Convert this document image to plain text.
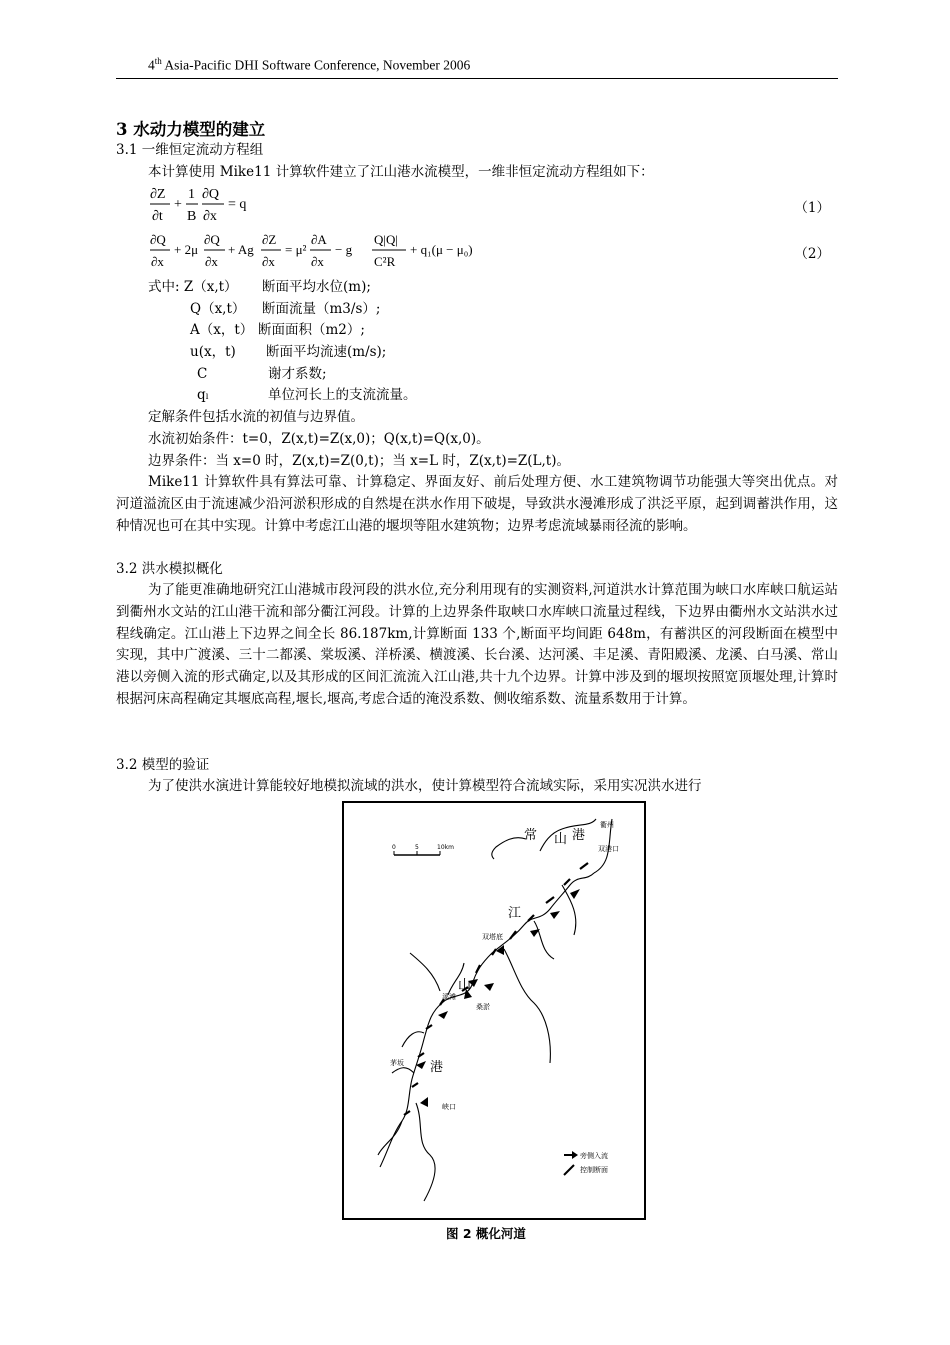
4th Asia-Pacific DHI Software Conference, November 2006
3 水动力模型的建立
3.1 一维恒定流动方程组
本计算使用 Mike11 计算软件建立了江山港水流模型，一维非恒定流动方程组如下：
∂Z
∂t
+
1
B
∂Q
∂x
= q	（1）
∂Q
∂x
+ 2μ
∂Q
∂x
+ Ag
∂Z
∂x
= μ²
∂A
∂x
− g
Q|Q|
C²R
+ q₁(μ − μ₀)	（2）
式中: Z（x,t） 断面平均水位(m);
Q（x,t） 断面流量（m3/s）;
A（x，t） 断面面积（m2）;
u(x，t) 断面平均流速(m/s);
C	谢才系数;
qₗ	单位河长上的支流流量。
定解条件包括水流的初值与边界值。
水流初始条件：t=0，Z(x,t)=Z(x,0)；Q(x,t)=Q(x,0)。
边界条件：当 x=0 时，Z(x,t)=Z(0,t)；当 x=L 时，Z(x,t)=Z(L,t)。
Mike11 计算软件具有算法可靠、计算稳定、界面友好、前后处理方便、水工建筑物调节功能强大等突出优点。对河道溢流区由于流速减少沿河淤积形成的自然堤在洪水作用下破堤，导致洪水漫滩形成了洪泛平原，起到调蓄洪作用，这种情况也可在其中实现。计算中考虑江山港的堰坝等阻水建筑物；边界考虑流域暴雨径流的影响。
3.2 洪水模拟概化
为了能更准确地研究江山港城市段河段的洪水位,充分利用现有的实测资料,河道洪水计算范围为峡口水库峡口航运站到衢州水文站的江山港干流和部分衢江河段。计算的上边界条件取峡口水库峡口流量过程线，下边界由衢州水文站洪水过程线确定。江山港上下边界之间全长 86.187km,计算断面 133 个,断面平均间距 648m，有蓄洪区的河段断面在模型中实现，其中广渡溪、三十二都溪、棠坂溪、洋桥溪、横渡溪、长台溪、达河溪、丰足溪、青阳殿溪、龙溪、白马溪、常山港以旁侧入流的形式确定,以及其形成的区间汇流流入江山港,共十九个边界。计算中涉及到的堰坝按照宽顶堰处理,计算时根据河床高程确定其堰底高程,堰长,堰高,考虑合适的淹没系数、侧收缩系数、流量系数用于计算。
3.2 模型的验证
为了使洪水演进计算能较好地模拟流域的洪水，使计算模型符合流域实际，采用实况洪水进行
0	5	10km
常 山 港
江
山
港
衢州
双港口
双塔底
溪滩
桑淤
茅坂
峡口
旁侧入流
控制断面
图 2 概化河道
